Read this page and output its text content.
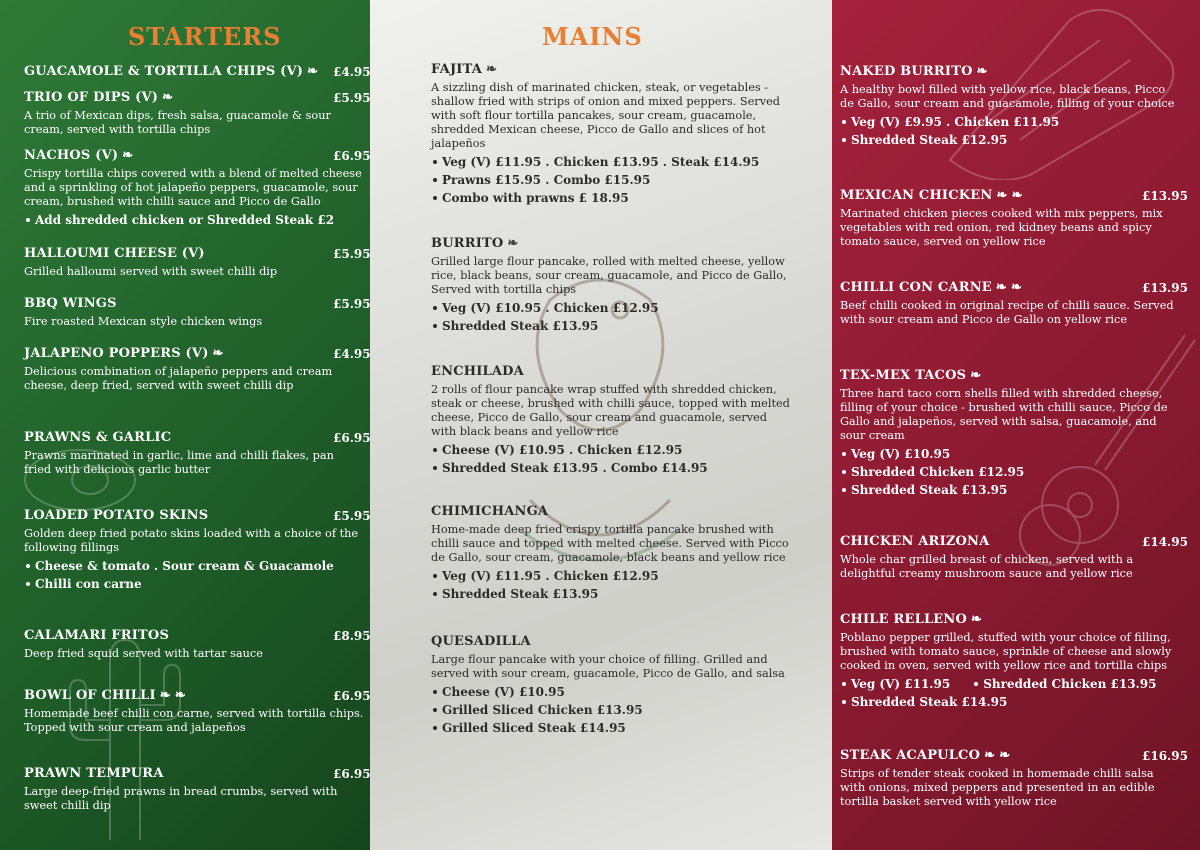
STARTERS
GUACAMOLE & TORTILLA CHIPS (V) ❧	£4.95
TRIO OF DIPS (V) ❧	£5.95
A trio of Mexican dips, fresh salsa, guacamole & sour cream, served with tortilla chips
NACHOS (V) ❧	£6.95
Crispy tortilla chips covered with a blend of melted cheese and a sprinkling of hot jalapeño peppers, guacamole, sour cream, brushed with chilli sauce and Picco de Gallo
Add shredded chicken or Shredded Steak £2
HALLOUMI CHEESE (V)	£5.95
Grilled halloumi served with sweet chilli dip
BBQ WINGS	£5.95
Fire roasted Mexican style chicken wings
JALAPENO POPPERS (V) ❧	£4.95
Delicious combination of jalapeño peppers and cream cheese, deep fried, served with sweet chilli dip
PRAWNS & GARLIC	£6.95
Prawns marinated in garlic, lime and chilli flakes, pan fried with delicious garlic butter
LOADED POTATO SKINS	£5.95
Golden deep fried potato skins loaded with a choice of the following fillings
Cheese & tomato . Sour cream & Guacamole
Chilli con carne
CALAMARI FRITOS	£8.95
Deep fried squid served with tartar sauce
BOWL OF CHILLI ❧ ❧	£6.95
Homemade beef chilli con carne, served with tortilla chips. Topped with sour cream and jalapeños
PRAWN TEMPURA	£6.95
Large deep-fried prawns in bread crumbs, served with sweet chilli dip
MAINS
FAJITA ❧
A sizzling dish of marinated chicken, steak, or vegetables - shallow fried with strips of onion and mixed peppers. Served with soft flour tortilla pancakes, sour cream, guacamole, shredded Mexican cheese, Picco de Gallo and slices of hot jalapeños
Veg (V) £11.95 . Chicken £13.95 . Steak £14.95
Prawns £15.95 . Combo £15.95
Combo with prawns £ 18.95
BURRITO ❧
Grilled large flour pancake, rolled with melted cheese, yellow rice, black beans, sour cream, guacamole, and Picco de Gallo, Served with tortilla chips
Veg (V) £10.95 . Chicken £12.95
Shredded Steak £13.95
ENCHILADA
2 rolls of flour pancake wrap stuffed with shredded chicken, steak or cheese, brushed with chilli sauce, topped with melted cheese, Picco de Gallo, sour cream and guacamole, served with black beans and yellow rice
Cheese (V) £10.95 . Chicken £12.95
Shredded Steak £13.95 . Combo £14.95
CHIMICHANGA
Home-made deep fried crispy tortilla pancake brushed with chilli sauce and topped with melted cheese. Served with Picco de Gallo, sour cream, guacamole, black beans and yellow rice
Veg (V) £11.95 . Chicken £12.95
Shredded Steak £13.95
QUESADILLA
Large flour pancake with your choice of filling. Grilled and served with sour cream, guacamole, Picco de Gallo, and salsa
Cheese (V) £10.95
Grilled Sliced Chicken £13.95
Grilled Sliced Steak £14.95
NAKED BURRITO ❧
A healthy bowl filled with yellow rice, black beans, Picco de Gallo, sour cream and guacamole, filling of your choice
Veg (V) £9.95 . Chicken £11.95
Shredded Steak £12.95
MEXICAN CHICKEN ❧ ❧	£13.95
Marinated chicken pieces cooked with mix peppers, mix vegetables with red onion, red kidney beans and spicy tomato sauce, served on yellow rice
CHILLI CON CARNE ❧ ❧	£13.95
Beef chilli cooked in original recipe of chilli sauce. Served with sour cream and Picco de Gallo on yellow rice
TEX-MEX TACOS ❧
Three hard taco corn shells filled with shredded cheese, filling of your choice - brushed with chilli sauce, Picco de Gallo and jalapeños, served with salsa, guacamole, and sour cream
Veg (V) £10.95
Shredded Chicken £12.95
Shredded Steak £13.95
CHICKEN ARIZONA	£14.95
Whole char grilled breast of chicken, served with a delightful creamy mushroom sauce and yellow rice
CHILE RELLENO ❧
Poblano pepper grilled, stuffed with your choice of filling, brushed with tomato sauce, sprinkle of cheese and slowly cooked in oven, served with yellow rice and tortilla chips
Veg (V) £11.95	Shredded Chicken £13.95
Shredded Steak £14.95
STEAK ACAPULCO ❧ ❧	£16.95
Strips of tender steak cooked in homemade chilli salsa with onions, mixed peppers and presented in an edible tortilla basket served with yellow rice
